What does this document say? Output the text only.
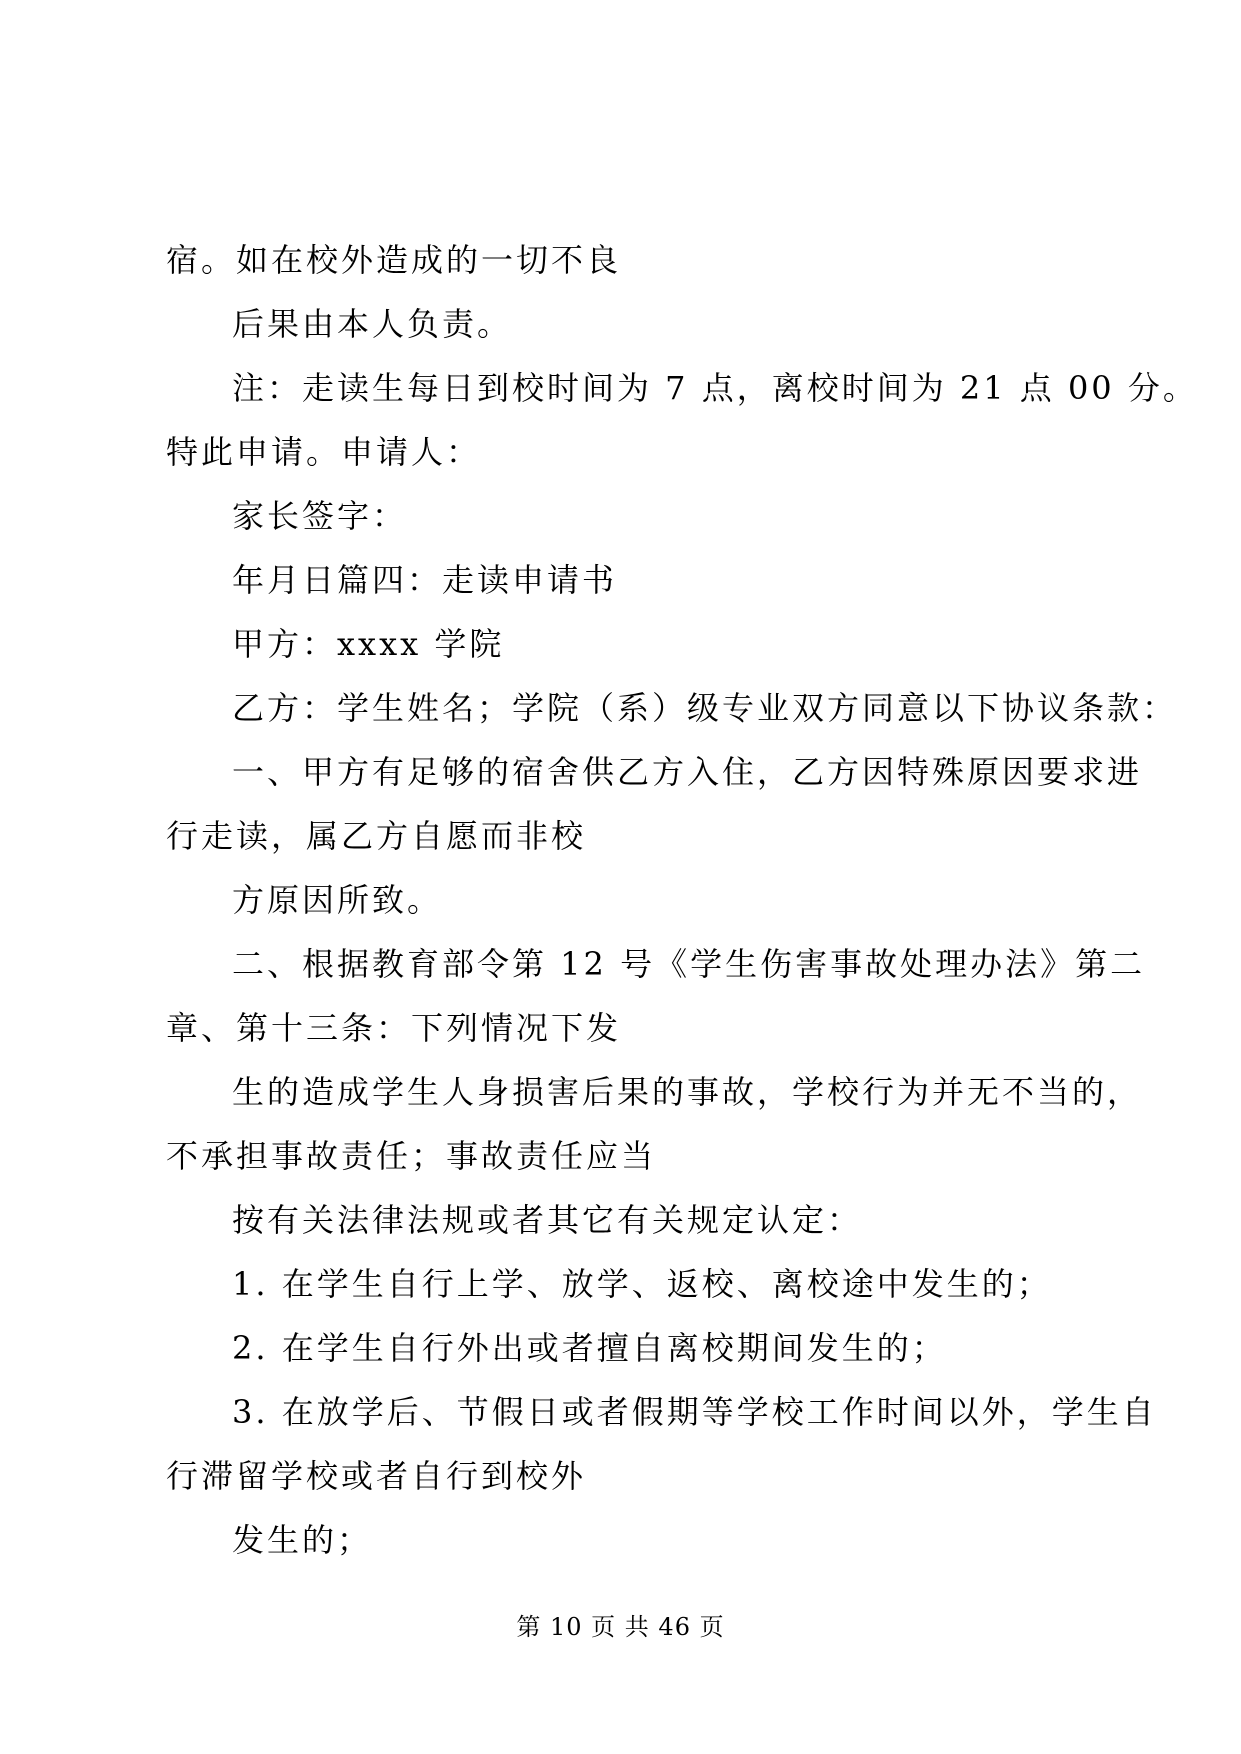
宿。如在校外造成的一切不良
后果由本人负责。
注：走读生每日到校时间为 7 点，离校时间为 21 点 00 分。
特此申请。申请人：
家长签字：
年月日篇四：走读申请书
甲方：xxxx 学院
乙方：学生姓名；学院（系）级专业双方同意以下协议条款：
一、甲方有足够的宿舍供乙方入住，乙方因特殊原因要求进
行走读，属乙方自愿而非校
方原因所致。
二、根据教育部令第 12 号《学生伤害事故处理办法》第二
章、第十三条：下列情况下发
生的造成学生人身损害后果的事故，学校行为并无不当的，
不承担事故责任；事故责任应当
按有关法律法规或者其它有关规定认定：
1. 在学生自行上学、放学、返校、离校途中发生的；
2. 在学生自行外出或者擅自离校期间发生的；
3. 在放学后、节假日或者假期等学校工作时间以外，学生自
行滞留学校或者自行到校外
发生的；
第 10 页 共 46 页
